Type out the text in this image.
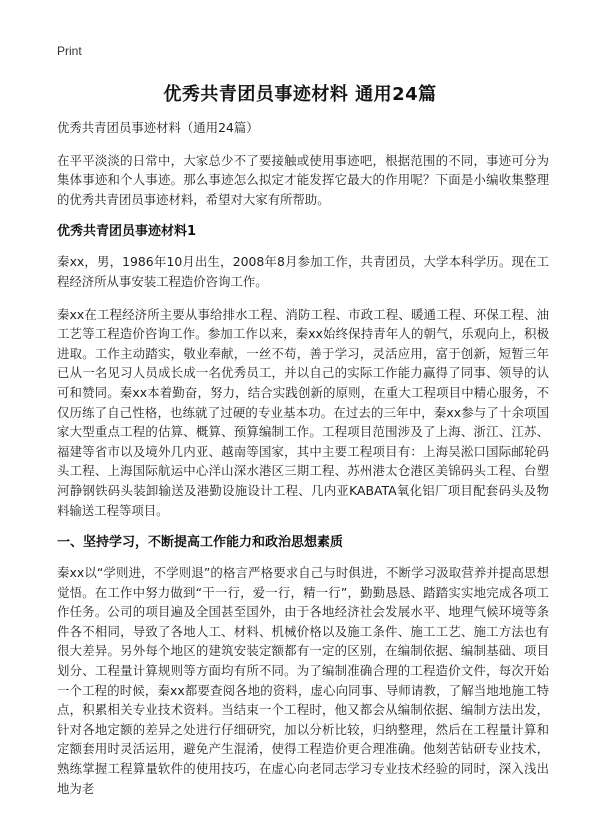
Print
优秀共青团员事迹材料 通用24篇

优秀共青团员事迹材料（通用24篇）

在平平淡淡的日常中，大家总少不了要接触或使用事迹吧，根据范围的不同，事迹可分为集体事迹和个人事迹。那么事迹怎么拟定才能发挥它最大的作用呢？下面是小编收集整理的优秀共青团员事迹材料，希望对大家有所帮助。

优秀共青团员事迹材料1

秦xx，男，1986年10月出生，2008年8月参加工作，共青团员，大学本科学历。现在工程经济所从事安装工程造价咨询工作。

秦xx在工程经济所主要从事给排水工程、消防工程、市政工程、暖通工程、环保工程、油工艺等工程造价咨询工作。参加工作以来，秦xx始终保持青年人的朝气，乐观向上，积极进取。工作主动踏实，敬业奉献，一丝不苟，善于学习，灵活应用，富于创新，短暂三年已从一名见习人员成长成一名优秀员工，并以自己的实际工作能力赢得了同事、领导的认可和赞同。秦xx本着勤奋，努力，结合实践创新的原则，在重大工程项目中精心服务，不仅历练了自己性格，也练就了过硬的专业基本功。在过去的三年中，秦xx参与了十余项国家大型重点工程的估算、概算、预算编制工作。工程项目范围涉及了上海、浙江、江苏、福建等省市以及境外几内亚、越南等国家，其中主要工程项目有：上海吴淞口国际邮轮码头工程、上海国际航运中心洋山深水港区三期工程、苏州港太仓港区美锦码头工程、台塑河静钢铁码头装卸输送及港勤设施设计工程、几内亚KABATA氧化铝厂项目配套码头及物料输送工程等项目。

一、坚持学习，不断提高工作能力和政治思想素质

秦xx以“学则进，不学则退”的格言严格要求自己与时俱进，不断学习汲取营养并提高思想觉悟。在工作中努力做到“干一行，爱一行，精一行”，勤勤恳恳、踏踏实实地完成各项工作任务。公司的项目遍及全国甚至国外，由于各地经济社会发展水平、地理气候环境等条件各不相同，导致了各地人工、材料、机械价格以及施工条件、施工工艺、施工方法也有很大差异。另外每个地区的建筑安装定额都有一定的区别，在编制依据、编制基础、项目划分、工程量计算规则等方面均有所不同。为了编制准确合理的工程造价文件，每次开始一个工程的时候，秦xx都要查阅各地的资料，虚心向同事、导师请教，了解当地地施工特点，积累相关专业技术资料。当结束一个工程时，他又都会从编制依据、编制方法出发，针对各地定额的差异之处进行仔细研究，加以分析比较，归纳整理，然后在工程量计算和定额套用时灵活运用，避免产生混淆，使得工程造价更合理准确。他刻苦钻研专业技术，熟练掌握工程算量软件的使用技巧，在虚心向老同志学习专业技术经验的同时，深入浅出地为老
